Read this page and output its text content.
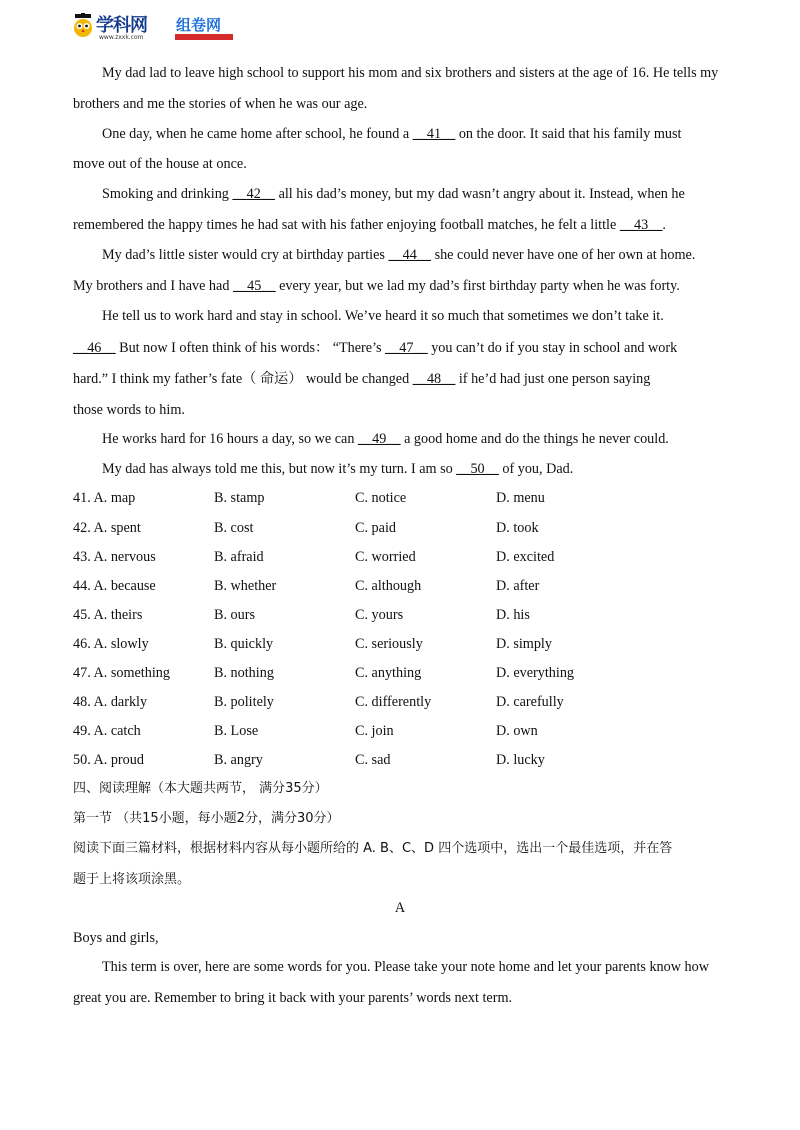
学科网
www.zxxk.com
组卷网
My dad lad to leave high school to support his mom and six brothers and sisters at the age of 16. He tells my
brothers and me the stories of when he was our age.
One day, when he came home after school, he found a __41__ on the door. It said that his family must
move out of the house at once.
Smoking and drinking __42__ all his dad’s money, but my dad wasn’t angry about it. Instead, when he
remembered the happy times he had sat with his father enjoying football matches, he felt a little __43__.
My dad’s little sister would cry at birthday parties __44__ she could never have one of her own at home.
My brothers and I have had __45__ every year, but we lad my dad’s first birthday party when he was forty.
He tell us to work hard and stay in school. We’ve heard it so much that sometimes we don’t take it.
__46__ But now I often think of his words： “There’s __47__ you can’t do if you stay in school and work
hard.” I think my father’s fate（ 命运） would be changed __48__ if he’d had just one person saying
those words to him.
He works hard for 16 hours a day, so we can __49__ a good home and do the things he never could.
My dad has always told me this, but now it’s my turn. I am so __50__ of you, Dad.
41. A. map	B. stamp	C. notice	D. menu
42. A. spent	B. cost	C. paid	D. took
43. A. nervous	B. afraid	C. worried	D. excited
44. A. because	B. whether	C. although	D. after
45. A. theirs	B. ours	C. yours	D. his
46. A. slowly	B. quickly	C. seriously	D. simply
47. A. something	B. nothing	C. anything	D. everything
48. A. darkly	B. politely	C. differently	D. carefully
49. A. catch	B. Lose	C. join	D. own
50. A. proud	B. angry	C. sad	D. lucky
四、阅读理解（本大题共两节， 满分35分）
第一节 （共15小题，每小题2分，满分30分）
阅读下面三篇材料，根据材料内容从每小题所给的 A. B、C、D 四个选项中，选出一个最佳选项，并在答
题于上将该项涂黑。
A
Boys and girls,
This term is over, here are some words for you. Please take your note home and let your parents know how
great you are. Remember to bring it back with your parents’ words next term.
